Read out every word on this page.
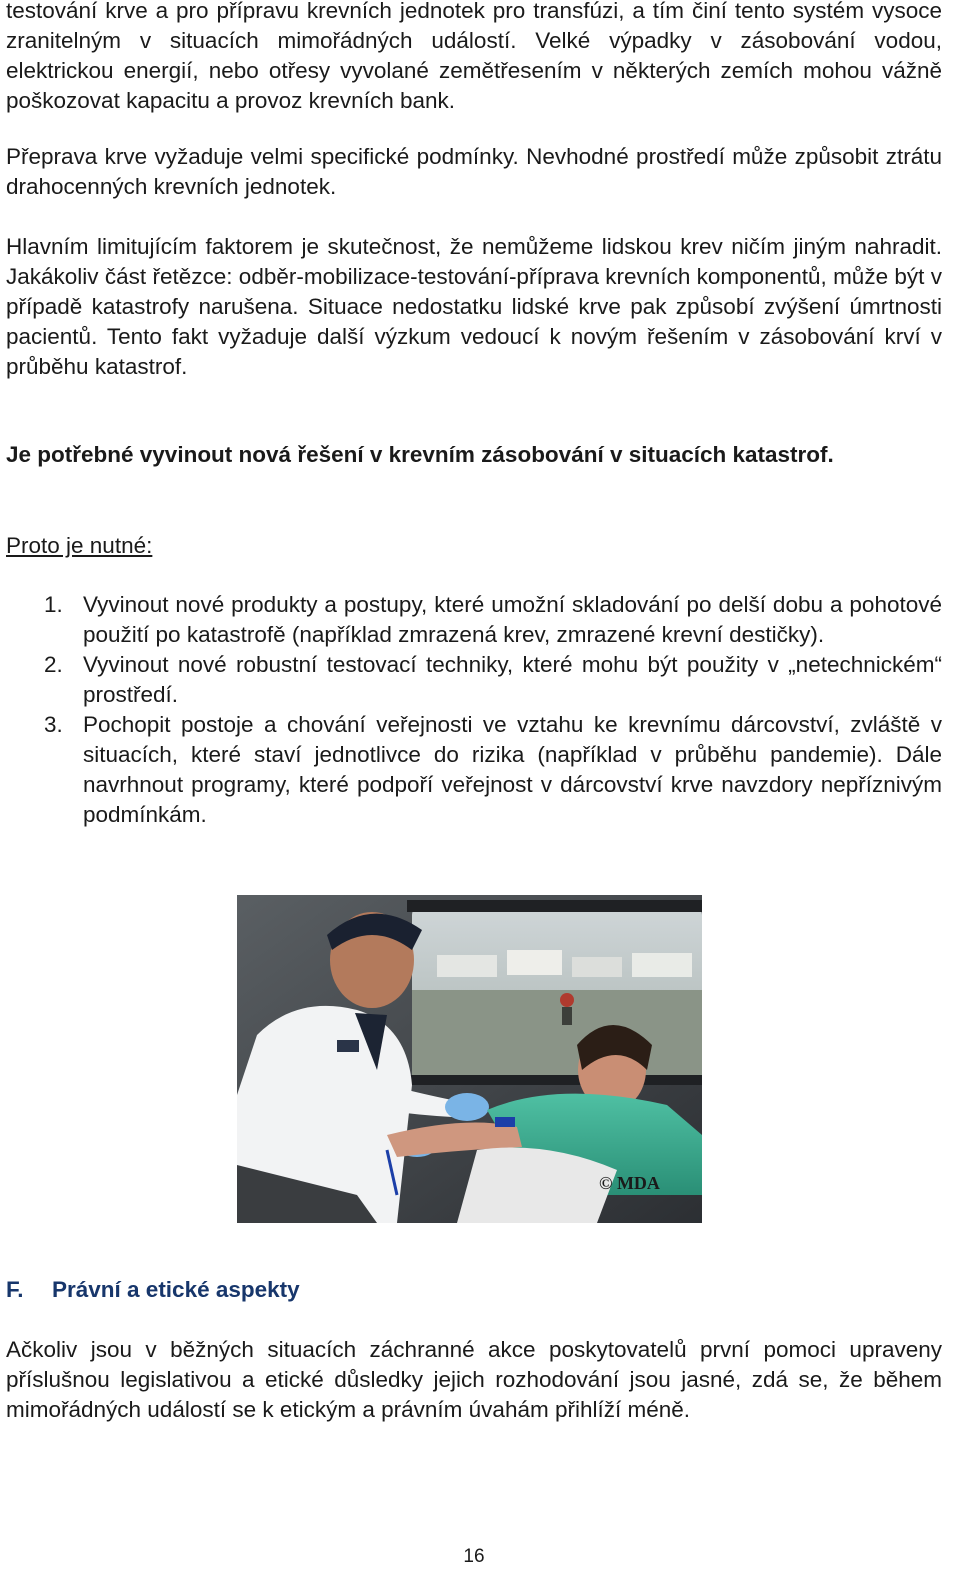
testování krve a pro přípravu krevních jednotek pro transfúzi, a tím činí tento systém vysoce zranitelným v situacích mimořádných událostí. Velké výpadky v zásobování vodou, elektrickou energií, nebo otřesy vyvolané zemětřesením v některých zemích mohou vážně poškozovat kapacitu a provoz krevních bank.

Přeprava krve vyžaduje velmi specifické podmínky. Nevhodné prostředí může způsobit ztrátu drahocenných krevních jednotek.

Hlavním limitujícím faktorem je skutečnost, že nemůžeme lidskou krev ničím jiným nahradit. Jakákoliv část řetězce: odběr-mobilizace-testování-příprava krevních komponentů, může být v případě katastrofy narušena. Situace nedostatku lidské krve pak způsobí zvýšení úmrtnosti pacientů. Tento fakt vyžaduje další výzkum vedoucí k novým řešením v zásobování krví v průběhu katastrof.

Je potřebné vyvinout nová řešení v krevním zásobování v situacích katastrof.

Proto je nutné:

1. Vyvinout nové produkty a postupy, které umožní skladování po delší dobu a pohotové použití po katastrofě (například zmrazená krev, zmrazené krevní destičky).
2. Vyvinout nové robustní testovací techniky, které mohu být použity v „netechnickém“ prostředí.
3. Pochopit postoje a chování veřejnosti ve vztahu ke krevnímu dárcovství, zvláště v situacích, které staví jednotlivce do rizika (například v průběhu pandemie). Dále navrhnout programy, které podpoří veřejnost v dárcovství krve navzdory nepříznivým podmínkám.
© MDA
F. Právní a etické aspekty

Ačkoliv jsou v běžných situacích záchranné akce poskytovatelů první pomoci upraveny příslušnou legislativou a etické důsledky jejich rozhodování jsou jasné, zdá se, že během mimořádných událostí se k etickým a právním úvahám přihlíží méně.

16
